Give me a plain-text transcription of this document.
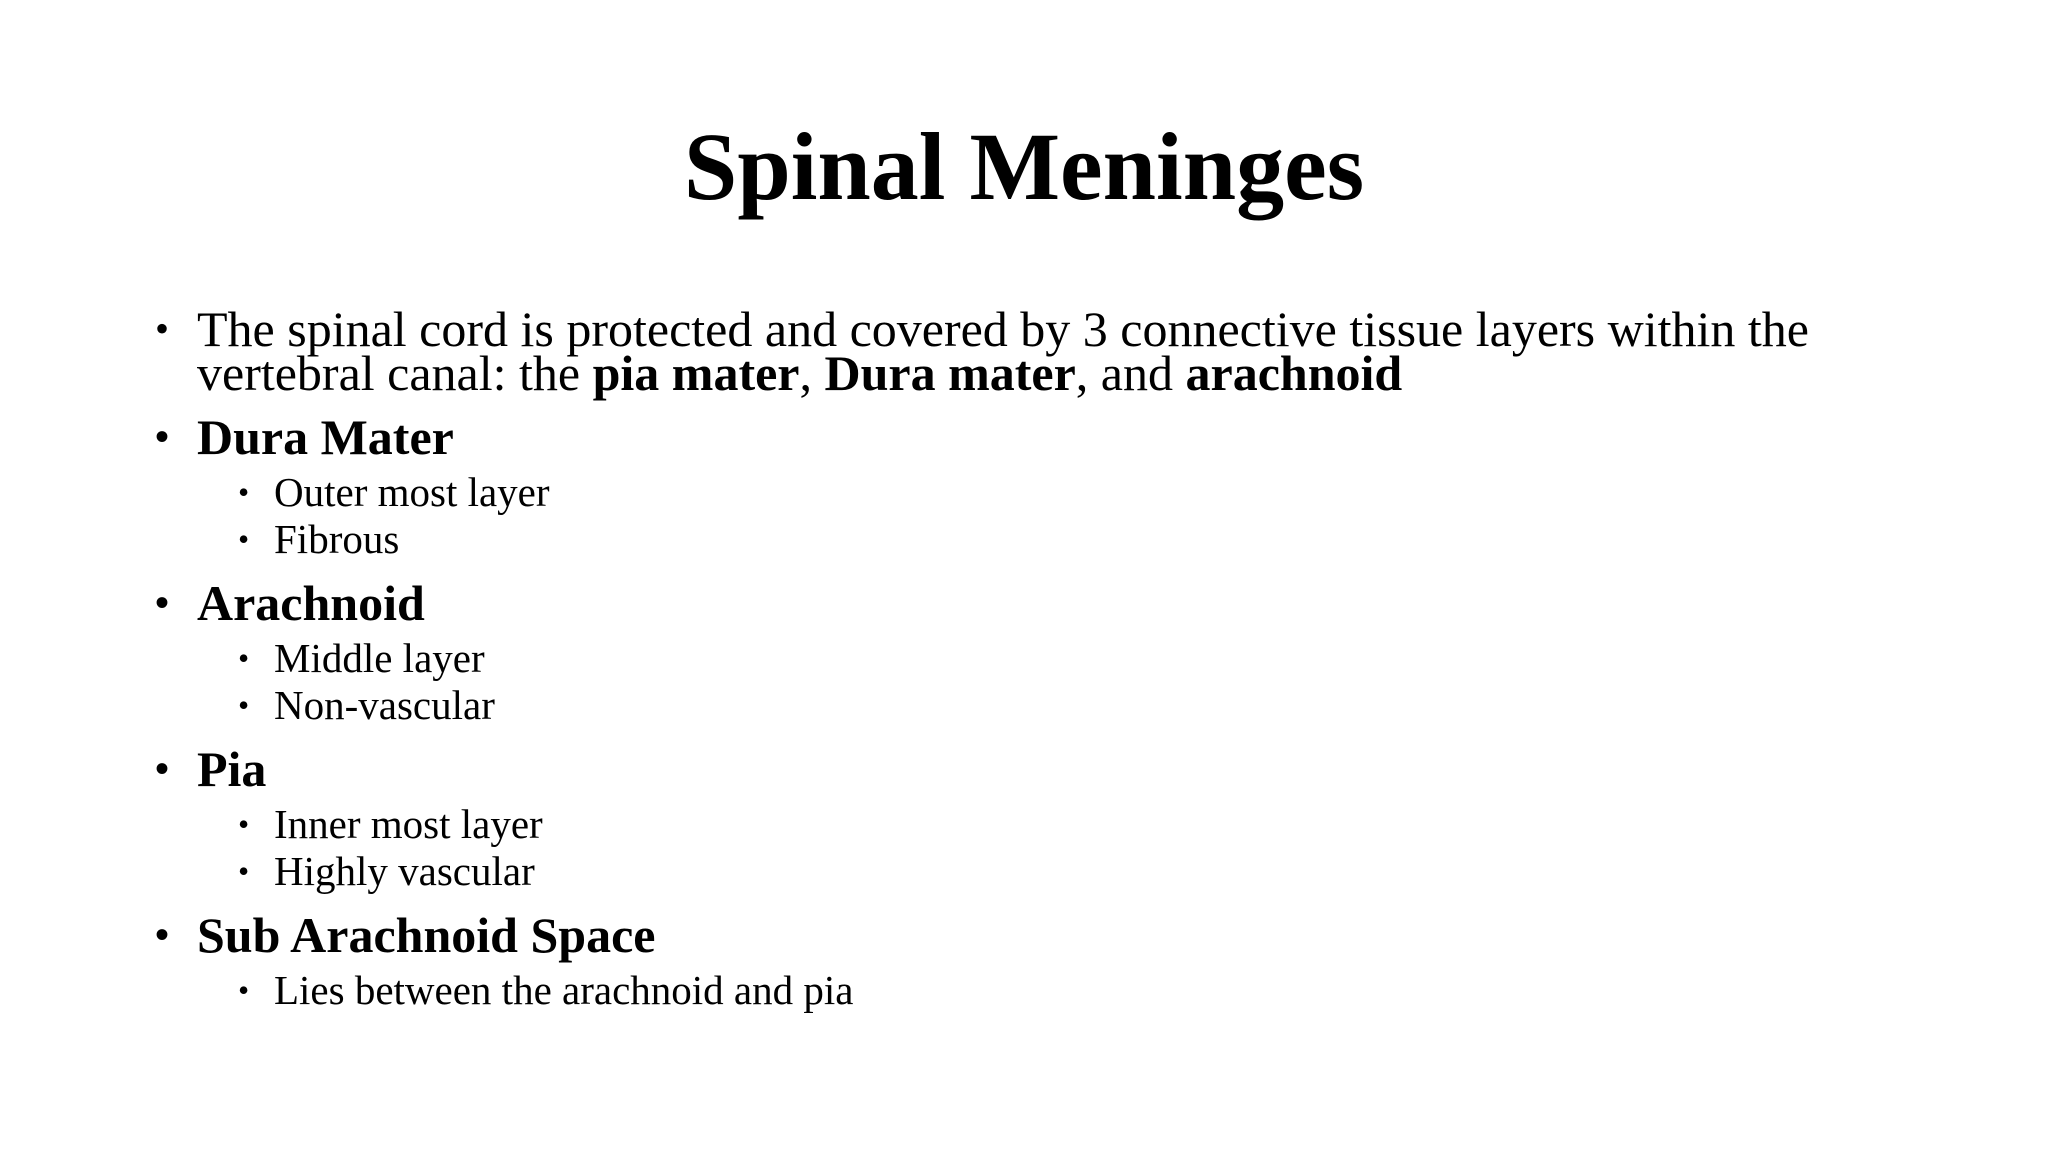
Spinal Meninges
• The spinal cord is protected and covered by 3 connective tissue layers within the vertebral canal: the pia mater, Dura mater, and arachnoid
• Dura Mater
• Outer most layer
• Fibrous
• Arachnoid
• Middle layer
• Non-vascular
• Pia
• Inner most layer
• Highly vascular
• Sub Arachnoid Space
• Lies between the arachnoid and pia
